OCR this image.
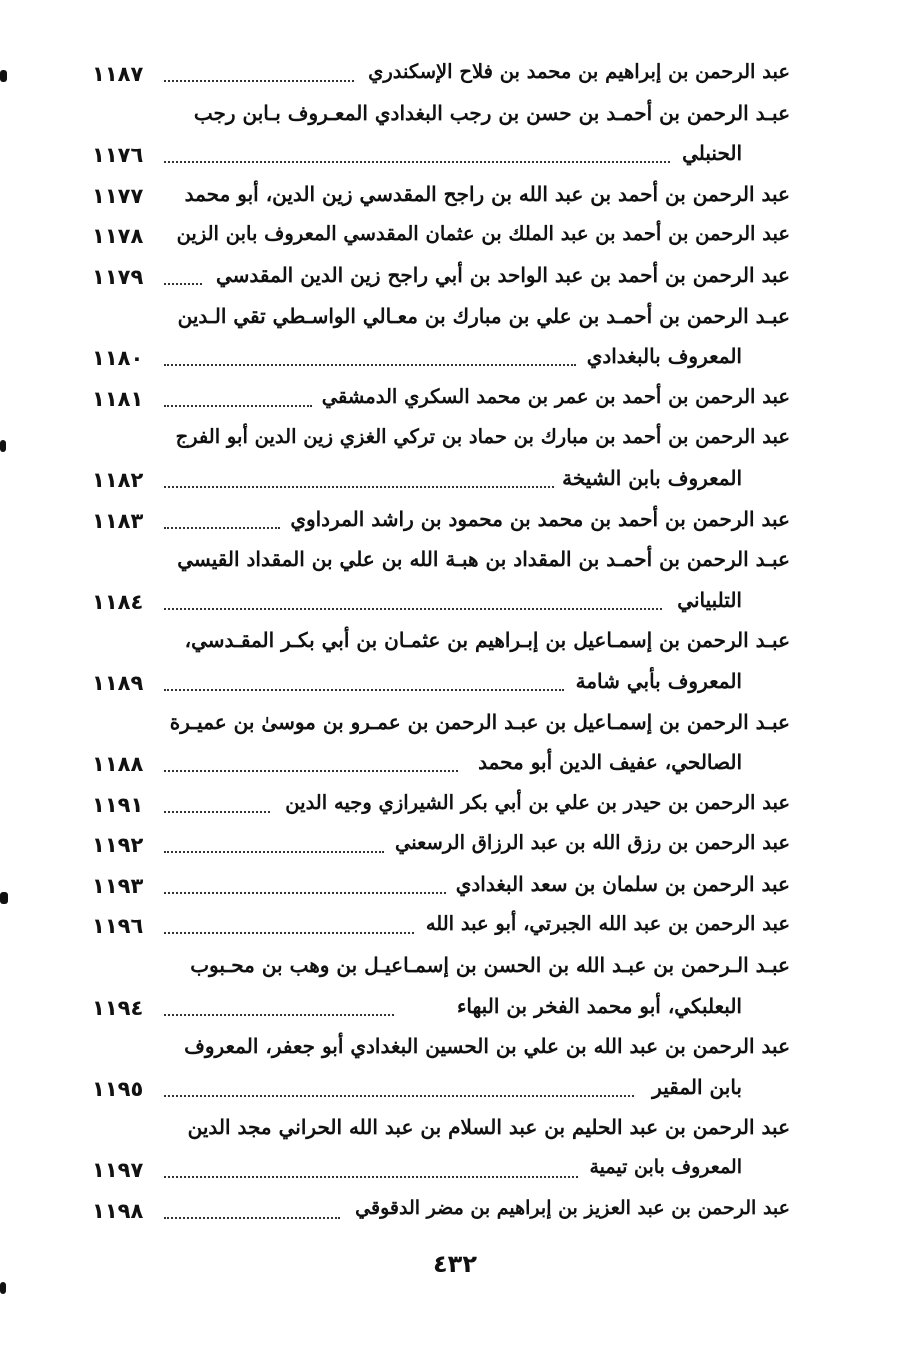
عبد الرحمن بن إبراهيم بن محمد بن فلاح الإسكندري
١١٨٧
عبـد الرحمن بن أحمـد بن حسن بن رجب البغدادي المعـروف بـابن رجب
الحنبلي
١١٧٦
عبد الرحمن بن أحمد بن عبد الله بن راجح المقدسي زين الدين، أبو محمد
١١٧٧
عبد الرحمن بن أحمد بن عبد الملك بن عثمان المقدسي المعروف بابن الزين
١١٧٨
عبد الرحمن بن أحمد بن عبد الواحد بن أبي راجح زين الدين المقدسي
١١٧٩
عبـد الرحمن بن أحمـد بن علي بن مبارك بن معـالي الواسـطي تقي الـدين
المعروف بالبغدادي
١١٨٠
عبد الرحمن بن أحمد بن عمر بن محمد السكري الدمشقي
١١٨١
عبد الرحمن بن أحمد بن مبارك بن حماد بن تركي الغزي زين الدين أبو الفرج
المعروف بابن الشيخة
١١٨٢
عبد الرحمن بن أحمد بن محمد بن محمود بن راشد المرداوي
١١٨٣
عبـد الرحمن بن أحمـد بن المقداد بن هبـة الله بن علي بن المقداد القيسي
التلبياني
١١٨٤
عبـد الرحمن بن إسمـاعيل بن إبـراهيم بن عثمـان بن أبي بكـر المقـدسي،
المعروف بأبي شامة
١١٨٩
عبـد الرحمن بن إسمـاعيل بن عبـد الرحمن بن عمـرو بن موسىٰ بن عميـرة
الصالحي، عفيف الدين أبو محمد
١١٨٨
عبد الرحمن بن حيدر بن علي بن أبي بكر الشيرازي وجيه الدين
١١٩١
عبد الرحمن بن رزق الله بن عبد الرزاق الرسعني
١١٩٢
عبد الرحمن بن سلمان بن سعد البغدادي
١١٩٣
عبد الرحمن بن عبد الله الجبرتي، أبو عبد الله
١١٩٦
عبـد الـرحمن بن عبـد الله بن الحسن بن إسمـاعيـل بن وهب بن محـبوب
البعلبكي، أبو محمد الفخر بن البهاء
١١٩٤
عبد الرحمن بن عبد الله بن علي بن الحسين البغدادي أبو جعفر، المعروف
بابن المقير
١١٩٥
عبد الرحمن بن عبد الحليم بن عبد السلام بن عبد الله الحراني مجد الدين
المعروف بابن تيمية
١١٩٧
عبد الرحمن بن عبد العزيز بن إبراهيم بن مضر الدقوقي
١١٩٨
٤٣٢
